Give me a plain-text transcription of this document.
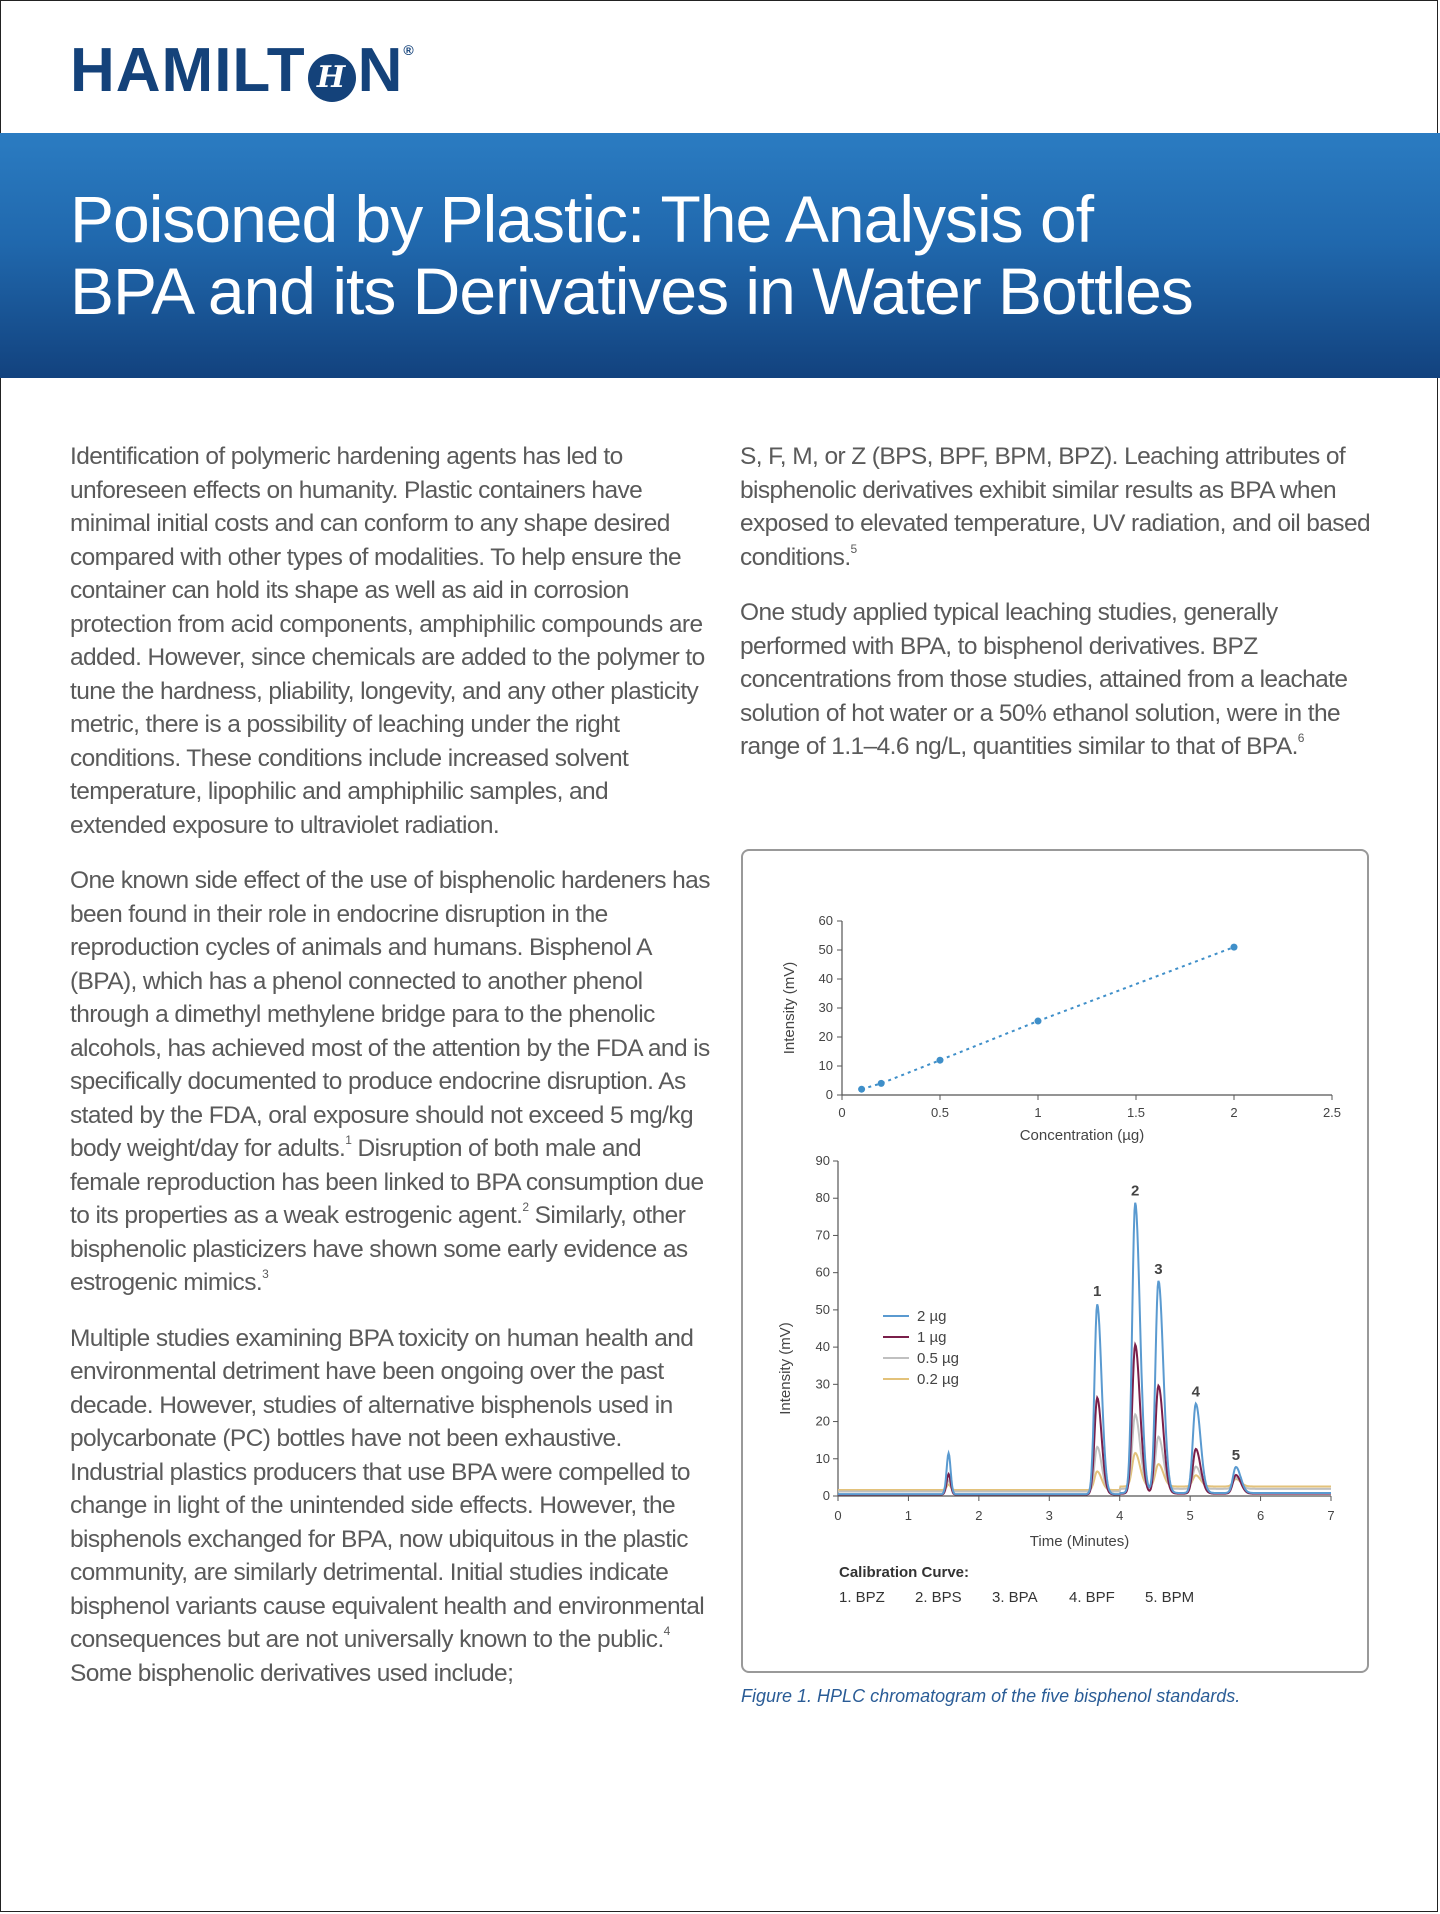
HAMILT H N®
Poisoned by Plastic: The Analysis of
BPA and its Derivatives in Water Bottles

Identification of polymeric hardening agents has led to unforeseen effects on humanity. Plastic containers have minimal initial costs and can conform to any shape desired compared with other types of modalities. To help ensure the container can hold its shape as well as aid in corrosion protection from acid components, amphiphilic compounds are added. However, since chemicals are added to the polymer to tune the hardness, pliability, longevity, and any other plasticity metric, there is a possibility of leaching under the right conditions. These conditions include increased solvent temperature, lipophilic and amphiphilic samples, and extended exposure to ultraviolet radiation.

One known side effect of the use of bisphenolic hardeners has been found in their role in endocrine disruption in the reproduction cycles of animals and humans. Bisphenol A (BPA), which has a phenol connected to another phenol through a dimethyl methylene bridge para to the phenolic alcohols, has achieved most of the attention by the FDA and is specifically documented to produce endocrine disruption. As stated by the FDA, oral exposure should not exceed 5 mg/kg body weight/day for adults.$^1$ Disruption of both male and female reproduction has been linked to BPA consumption due to its properties as a weak estrogenic agent.$^2$ Similarly, other bisphenolic plasticizers have shown some early evidence as estrogenic mimics.$^3$

Multiple studies examining BPA toxicity on human health and environmental detriment have been ongoing over the past decade. However, studies of alternative bisphenols used in polycarbonate (PC) bottles have not been exhaustive. Industrial plastics producers that use BPA were compelled to change in light of the unintended side effects. However, the bisphenols exchanged for BPA, now ubiquitous in the plastic community, are similarly detrimental. Initial studies indicate bisphenol variants cause equivalent health and environmental consequences but are not universally known to the public.$^4$ Some bisphenolic derivatives used include;

S, F, M, or Z (BPS, BPF, BPM, BPZ). Leaching attributes of bisphenolic derivatives exhibit similar results as BPA when exposed to elevated temperature, UV radiation, and oil based conditions.$^5$

One study applied typical leaching studies, generally performed with BPA, to bisphenol derivatives. BPZ concentrations from those studies, attained from a leachate solution of hot water or a 50% ethanol solution, were in the range of 1.1–4.6 ng/L, quantities similar to that of BPA.$^6$

0	0.5	1	1.5	2	2.5
0
10
20
30
40
50
60
Concentration (µg)
Intensity (mV)
0	1	2	3	4	5	6	7
0
10
20
30
40
50
60
70
80
90
Time (Minutes)
Intensity (mV)
1
2
3
4
5
2 µg
1 µg
0.5 µg
0.2 µg
Calibration Curve:
1. BPZ 2. BPS 3. BPA 4. BPF 5. BPM
Figure 1. HPLC chromatogram of the five bisphenol standards.
